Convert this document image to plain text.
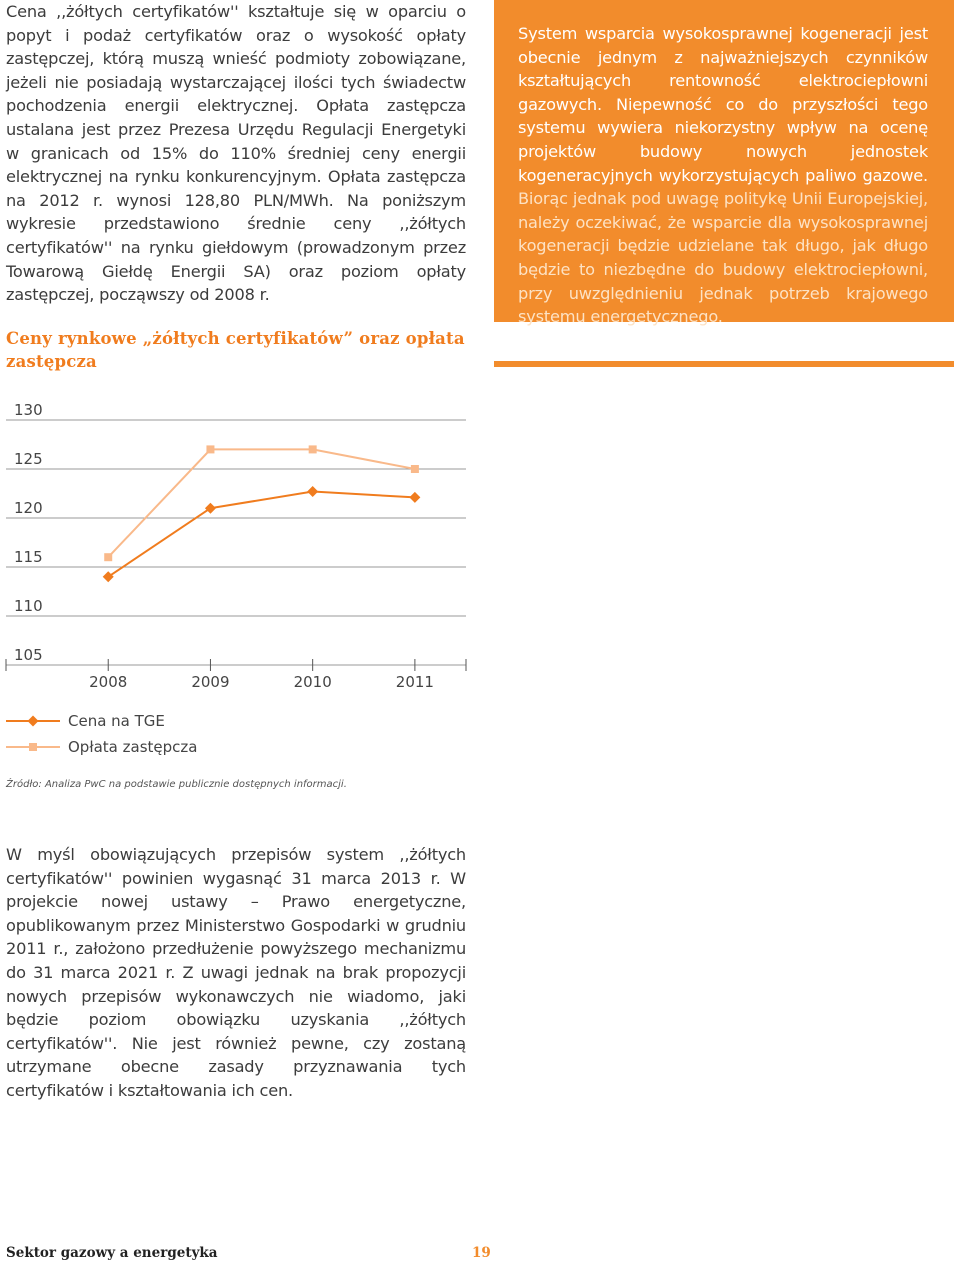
Cena ,,żółtych certyfikatów'' kształtuje się w oparciu o popyt i podaż certyfikatów oraz o wysokość opłaty zastępczej, którą muszą wnieść podmioty zobowiązane, jeżeli nie posiadają wystarczającej ilości tych świadectw pochodzenia energii elektrycznej. Opłata zastępcza ustalana jest przez Prezesa Urzędu Regulacji Energetyki w granicach od 15% do 110% średniej ceny energii elektrycznej na rynku konkurencyjnym. Opłata zastępcza na 2012 r. wynosi 128,80 PLN/MWh. Na poniższym wykresie przedstawiono średnie ceny ,,żółtych certyfikatów'' na rynku giełdowym (prowadzonym przez Towarową Giełdę Energii SA) oraz poziom opłaty zastępczej, począwszy od 2008 r.

System wsparcia wysokosprawnej kogeneracji jest obecnie jednym z najważniejszych czynników kształtujących rentowność elektrociepłowni gazowych. Niepewność co do przyszłości tego systemu wywiera niekorzystny wpływ na ocenę projektów budowy nowych jednostek kogeneracyjnych wykorzystujących paliwo gazowe. Biorąc jednak pod uwagę politykę Unii Europejskiej, należy oczekiwać, że wsparcie dla wysokosprawnej kogeneracji będzie udzielane tak długo, jak długo będzie to niezbędne do budowy elektrociepłowni, przy uwzględnieniu jednak potrzeb krajowego systemu energetycznego.

Ceny rynkowe „żółtych certyfikatów” oraz opłata zastępcza

130
125
120
115
110
105
2008	2009	2010	2011
Cena na TGE
Opłata zastępcza

Źródło: Analiza PwC na podstawie publicznie dostępnych informacji.

W myśl obowiązujących przepisów system ,,żółtych certyfikatów'' powinien wygasnąć 31 marca 2013 r. W projekcie nowej ustawy – Prawo energetyczne, opublikowanym przez Ministerstwo Gospodarki w grudniu 2011 r., założono przedłużenie powyższego mechanizmu do 31 marca 2021 r. Z uwagi jednak na brak propozycji nowych przepisów wykonawczych nie wiadomo, jaki będzie poziom obowiązku uzyskania ,,żółtych certyfikatów''. Nie jest również pewne, czy zostaną utrzymane obecne zasady przyznawania tych certyfikatów i kształtowania ich cen.

Sektor gazowy a energetyka	19
